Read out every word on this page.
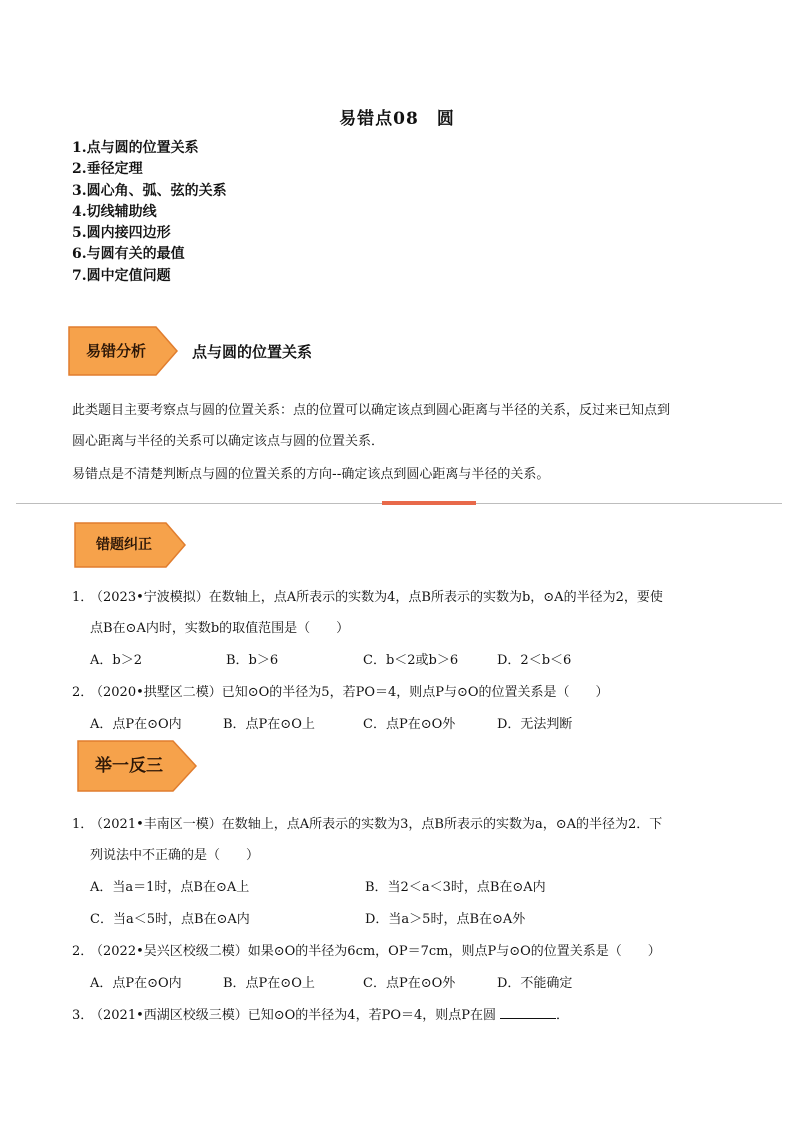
易错点08　圆
1.点与圆的位置关系
2.垂径定理
3.圆心角、弧、弦的关系
4.切线辅助线
5.圆内接四边形
6.与圆有关的最值
7.圆中定值问题
易错分析	点与圆的位置关系
此类题目主要考察点与圆的位置关系：点的位置可以确定该点到圆心距离与半径的关系，反过来已知点到
圆心距离与半径的关系可以确定该点与圆的位置关系．
易错点是不清楚判断点与圆的位置关系的方向--确定该点到圆心距离与半径的关系。
错题纠正
1．（2023•宁波模拟）在数轴上，点A所表示的实数为4，点B所表示的实数为b，⊙A的半径为2，要使
点B在⊙A内时，实数b的取值范围是（　　）
A．b＞2	B．b＞6	C．b＜2或b＞6	D．2＜b＜6
2．（2020•拱墅区二模）已知⊙O的半径为5，若PO＝4，则点P与⊙O的位置关系是（　　）
A．点P在⊙O内	B．点P在⊙O上	C．点P在⊙O外	D．无法判断
举一反三
1．（2021•丰南区一模）在数轴上，点A所表示的实数为3，点B所表示的实数为a，⊙A的半径为2．下
列说法中不正确的是（　　）
A．当a＝1时，点B在⊙A上	B．当2＜a＜3时，点B在⊙A内
C．当a＜5时，点B在⊙A内	D．当a＞5时，点B在⊙A外
2．（2022•吴兴区校级二模）如果⊙O的半径为6cm，OP＝7cm，则点P与⊙O的位置关系是（　　）
A．点P在⊙O内	B．点P在⊙O上	C．点P在⊙O外	D．不能确定
3．（2021•西湖区校级三模）已知⊙O的半径为4，若PO＝4，则点P在圆	．
